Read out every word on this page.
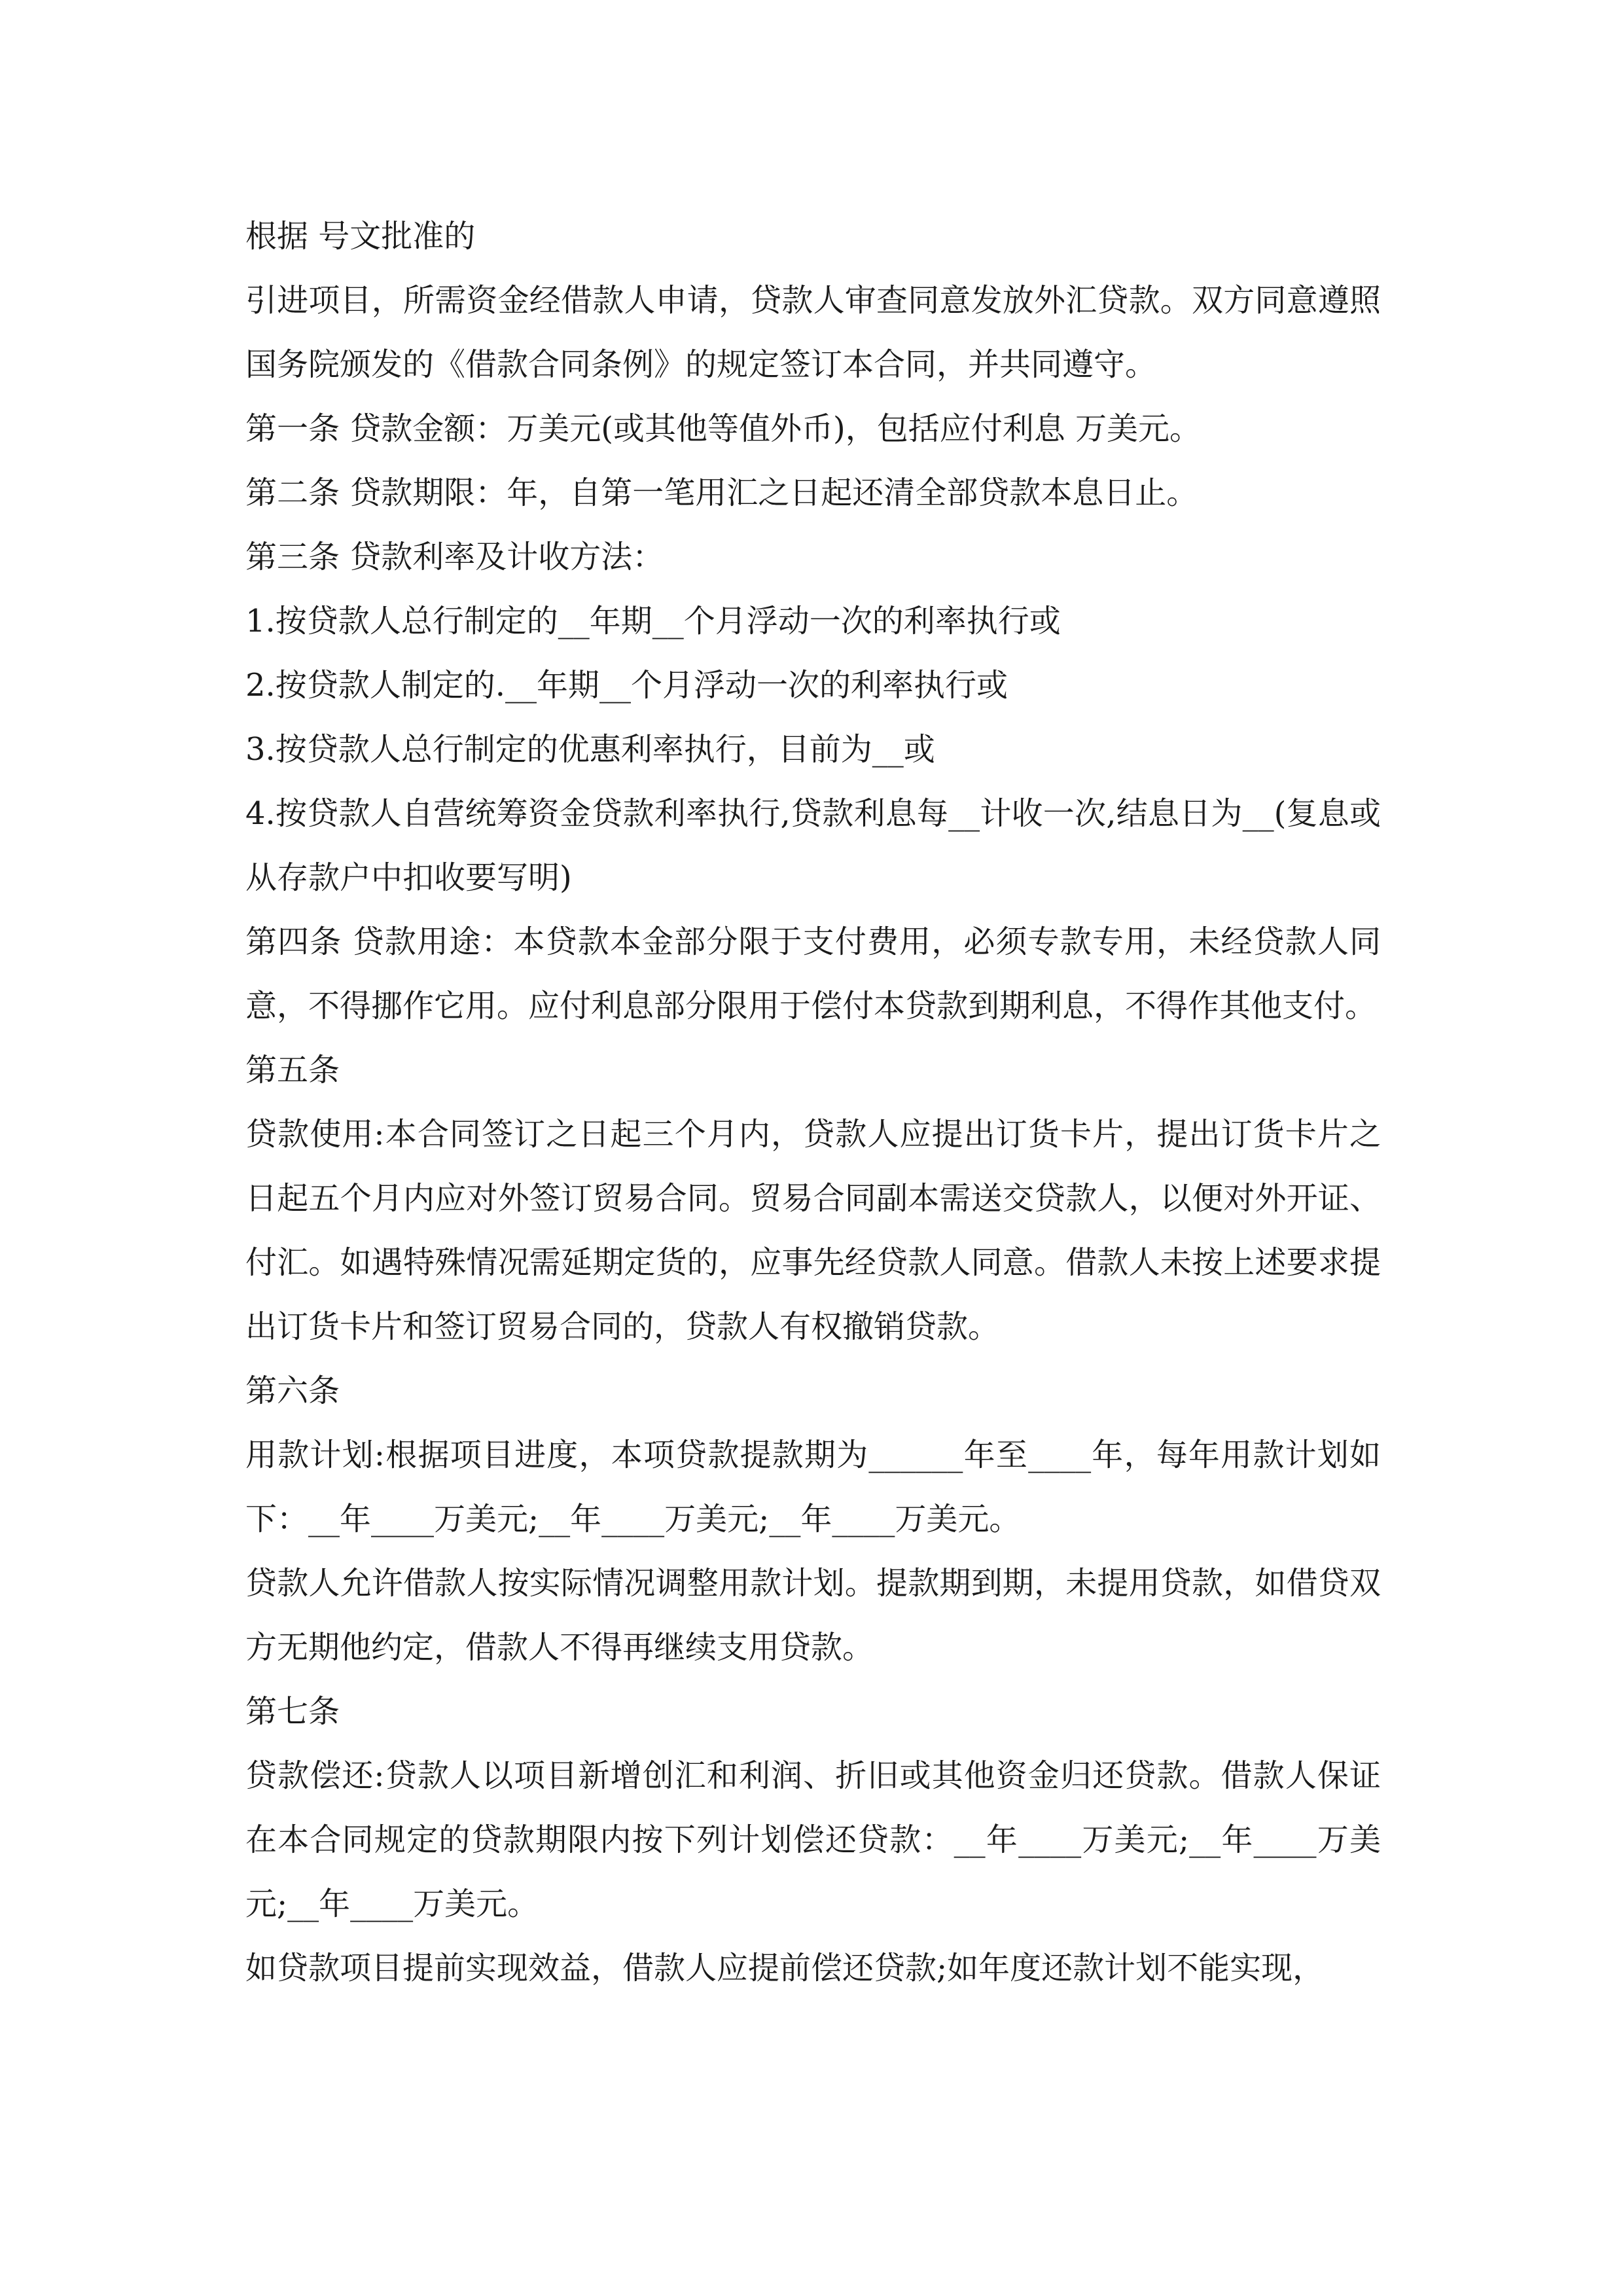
根据 号文批准的

引进项目，所需资金经借款人申请，贷款人审查同意发放外汇贷款。双方同意遵照国务院颁发的《借款合同条例》的规定签订本合同，并共同遵守。

第一条 贷款金额：万美元(或其他等值外币)，包括应付利息 万美元。

第二条 贷款期限：年，自第一笔用汇之日起还清全部贷款本息日止。

第三条 贷款利率及计收方法：

1.按贷款人总行制定的__年期__个月浮动一次的利率执行或

2.按贷款人制定的.__年期__个月浮动一次的利率执行或

3.按贷款人总行制定的优惠利率执行，目前为__或

4.按贷款人自营统筹资金贷款利率执行,贷款利息每__计收一次,结息日为__(复息或从存款户中扣收要写明)

第四条 贷款用途：本贷款本金部分限于支付费用，必须专款专用，未经贷款人同意，不得挪作它用。应付利息部分限用于偿付本贷款到期利息，不得作其他支付。

第五条

贷款使用:本合同签订之日起三个月内，贷款人应提出订货卡片，提出订货卡片之日起五个月内应对外签订贸易合同。贸易合同副本需送交贷款人，以便对外开证、付汇。如遇特殊情况需延期定货的，应事先经贷款人同意。借款人未按上述要求提出订货卡片和签订贸易合同的，贷款人有权撤销贷款。

第六条

用款计划:根据项目进度，本项贷款提款期为______年至____年，每年用款计划如下：__年____万美元;__年____万美元;__年____万美元。

贷款人允许借款人按实际情况调整用款计划。提款期到期，未提用贷款，如借贷双方无期他约定，借款人不得再继续支用贷款。

第七条

贷款偿还:贷款人以项目新增创汇和利润、折旧或其他资金归还贷款。借款人保证在本合同规定的贷款期限内按下列计划偿还贷款：__年____万美元;__年____万美元;__年____万美元。

如贷款项目提前实现效益，借款人应提前偿还贷款;如年度还款计划不能实现，
